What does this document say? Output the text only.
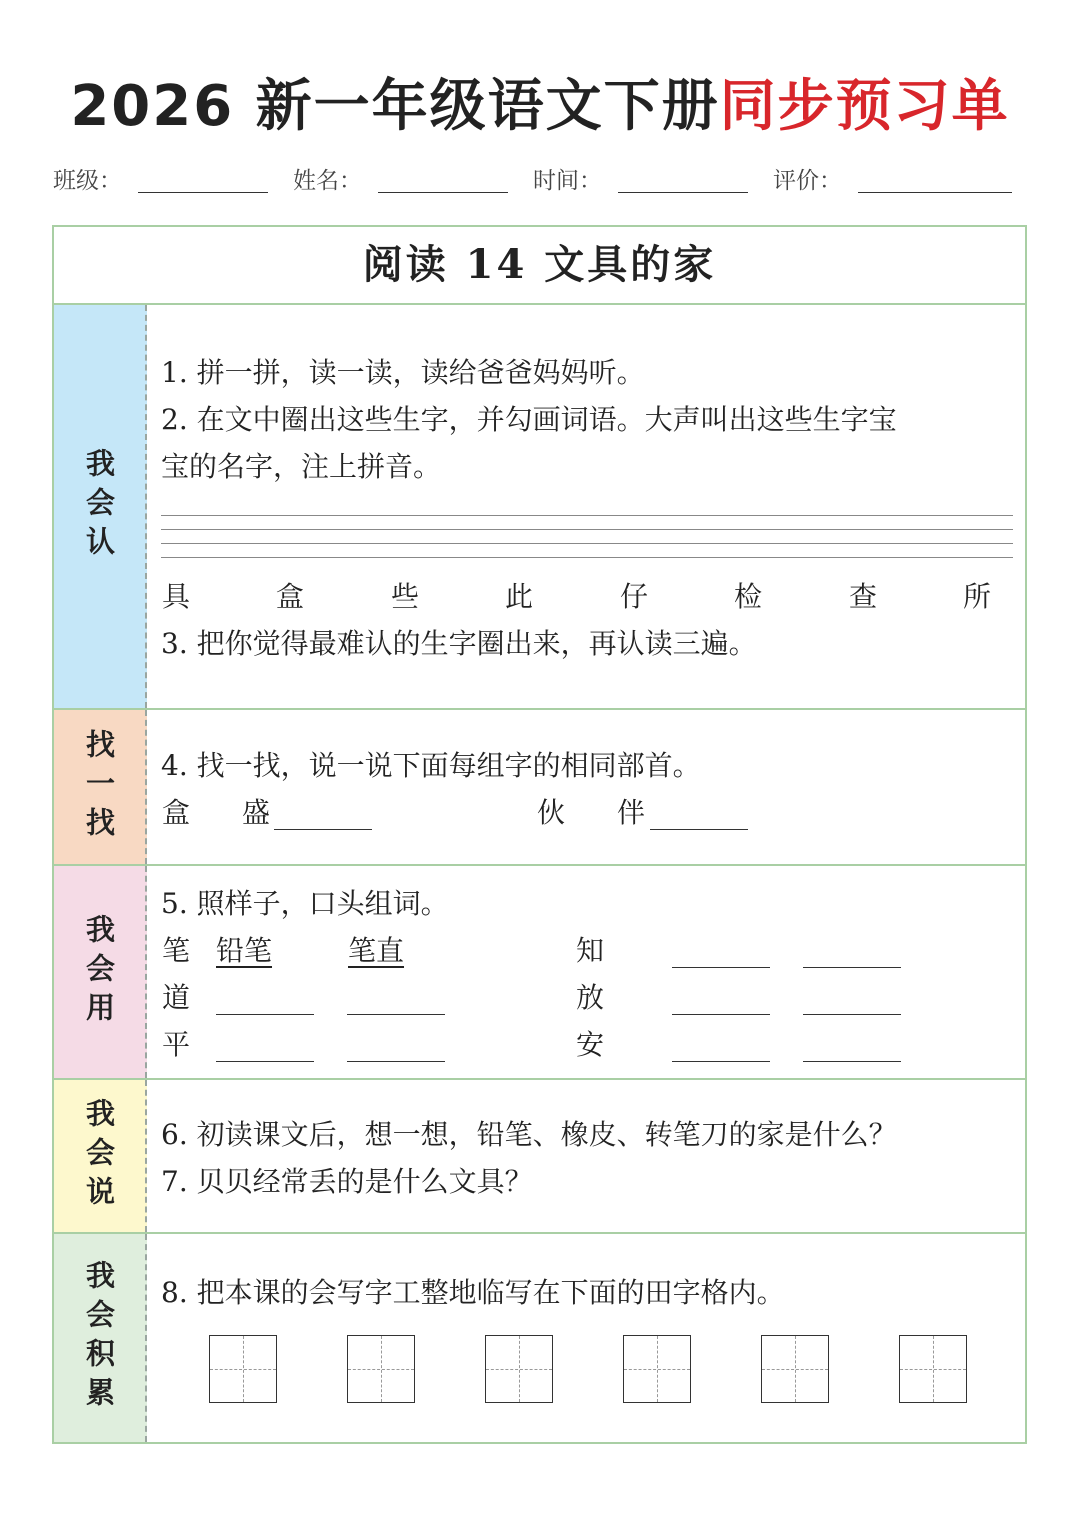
2026 新一年级语文下册同步预习单
班级：	姓名：	时间：	评价：
阅读 14 文具的家
我会认
1. 拼一拼，读一读，读给爸爸妈妈听。
2. 在文中圈出这些生字，并勾画词语。大声叫出这些生字宝
宝的名字，注上拼音。
具	盒	些	此	仔	检	查	所
3. 把你觉得最难认的生字圈出来，再认读三遍。
找一找 4. 找一找，说一说下面每组字的相同部首。
盒 盛	伙 伴
我会用
5. 照样子，口头组词。
笔 铅笔	笔直	知
道	放
平	安
我会说 6. 初读课文后，想一想，铅笔、橡皮、转笔刀的家是什么？
7. 贝贝经常丢的是什么文具？
我会积累 8. 把本课的会写字工整地临写在下面的田字格内。
